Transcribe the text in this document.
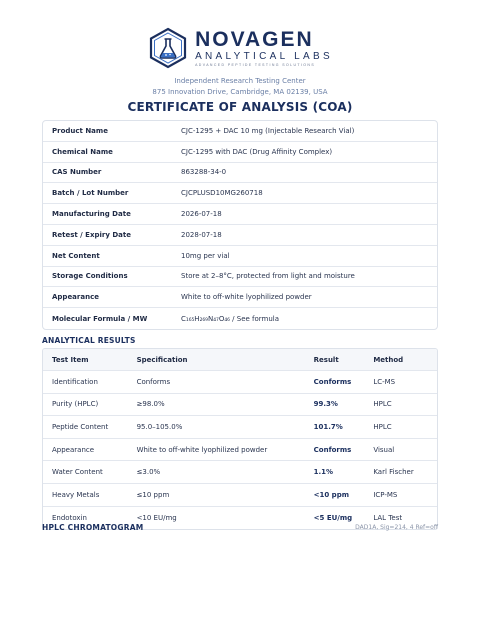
NOVAGEN
ANALYTICAL LABS
ADVANCED PEPTIDE TESTING SOLUTIONS
Independent Research Testing Center
875 Innovation Drive, Cambridge, MA 02139, USA
CERTIFICATE OF ANALYSIS (COA)
Product Name	CJC-1295 + DAC 10 mg (Injectable Research Vial)
Chemical Name	CJC-1295 with DAC (Drug Affinity Complex)
CAS Number	863288-34-0
Batch / Lot Number	CJCPLUSD10MG260718
Manufacturing Date	2026-07-18
Retest / Expiry Date	2028-07-18
Net Content	10mg per vial
Storage Conditions	Store at 2–8°C, protected from light and moisture
Appearance	White to off-white lyophilized powder
Molecular Formula / MW	C₁₆₅H₂₆₉N₄₇O₄₆ / See formula
ANALYTICAL RESULTS
Test Item	Specification	Result	Method
Identification	Conforms	Conforms	LC-MS
Purity (HPLC)	≥98.0%	99.3%	HPLC
Peptide Content	95.0–105.0%	101.7%	HPLC
Appearance	White to off-white lyophilized powder	Conforms	Visual
Water Content	≤3.0%	1.1%	Karl Fischer
Heavy Metals	≤10 ppm	<10 ppm	ICP-MS
Endotoxin	<10 EU/mg	<5 EU/mg	LAL Test
HPLC CHROMATOGRAM	DAD1A, Sig=214, 4 Ref=off
